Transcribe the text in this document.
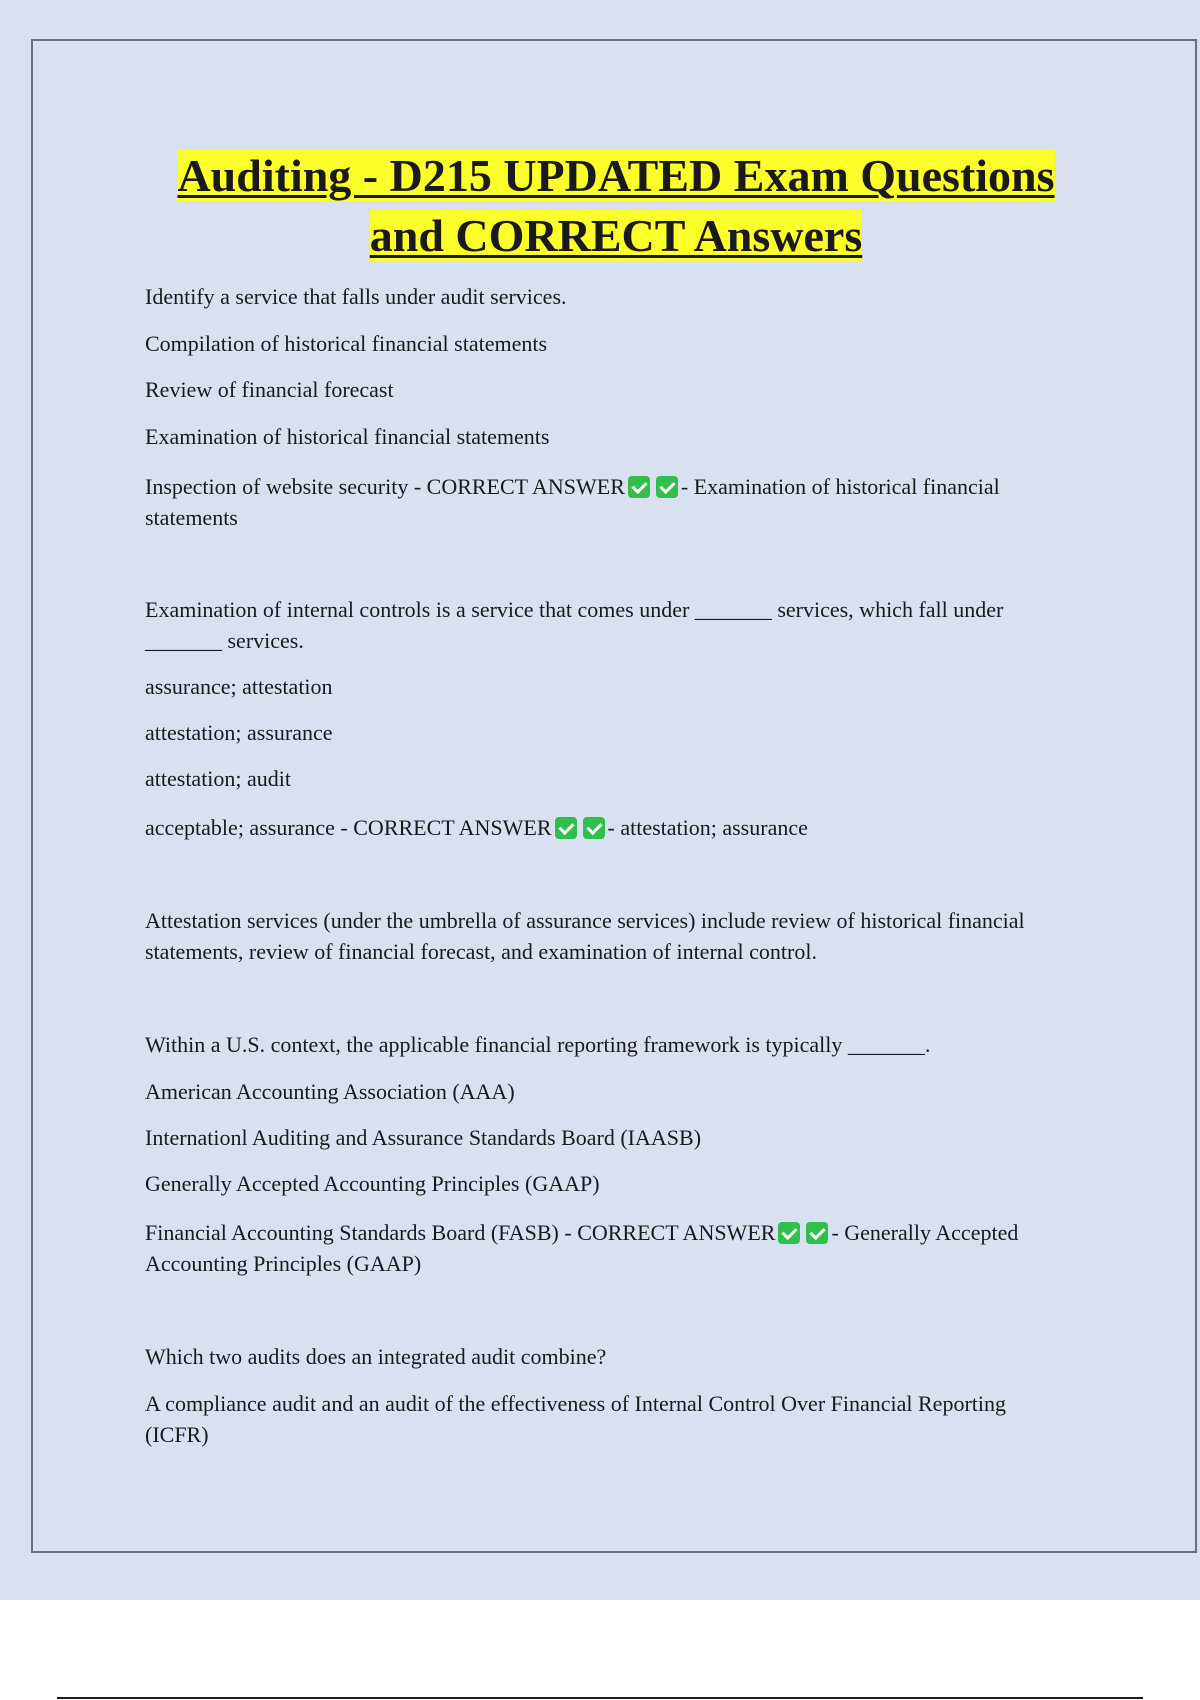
Auditing - D215 UPDATED Exam Questions
and CORRECT Answers

Identify a service that falls under audit services.

Compilation of historical financial statements

Review of financial forecast

Examination of historical financial statements

Inspection of website security - CORRECT ANSWER	- Examination of historical financial statements

Examination of internal controls is a service that comes under _______ services, which fall under _______ services.

assurance; attestation

attestation; assurance

attestation; audit

acceptable; assurance - CORRECT ANSWER	- attestation; assurance

Attestation services (under the umbrella of assurance services) include review of historical financial statements, review of financial forecast, and examination of internal control.

Within a U.S. context, the applicable financial reporting framework is typically _______.

American Accounting Association (AAA)

Internationl Auditing and Assurance Standards Board (IAASB)

Generally Accepted Accounting Principles (GAAP)

Financial Accounting Standards Board (FASB) - CORRECT ANSWER	- Generally Accepted Accounting Principles (GAAP)

Which two audits does an integrated audit combine?

A compliance audit and an audit of the effectiveness of Internal Control Over Financial Reporting (ICFR)
